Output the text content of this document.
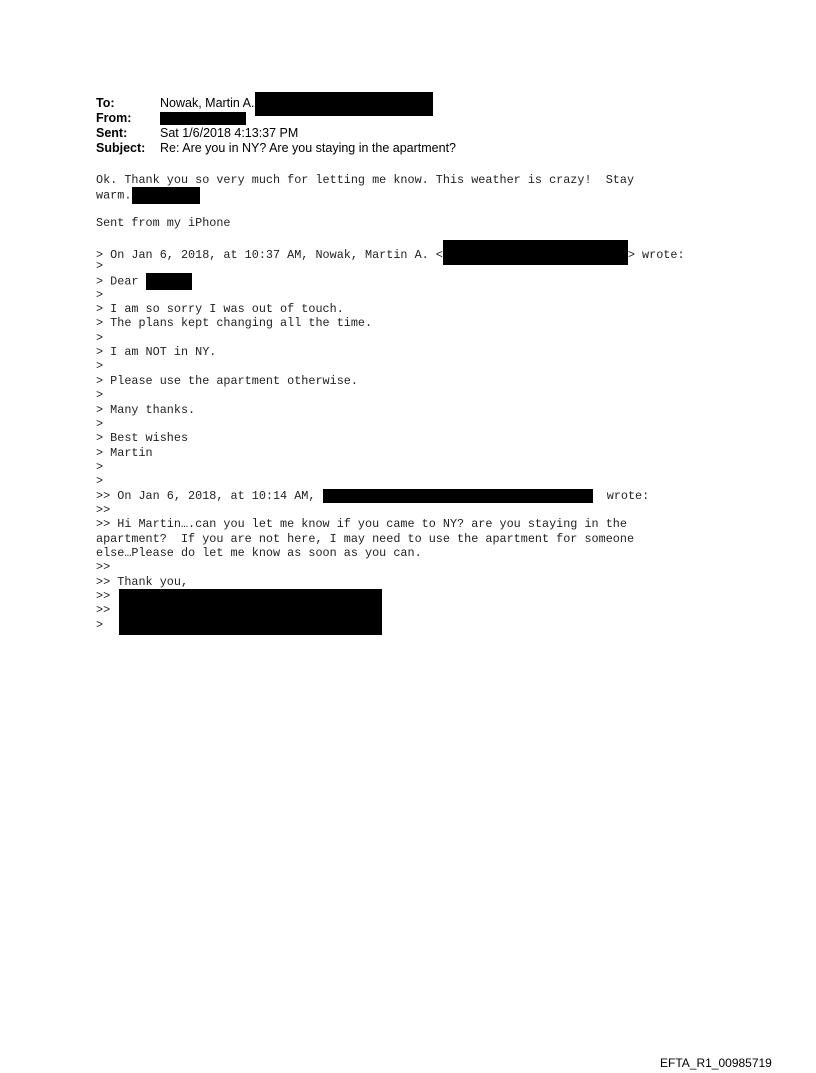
To:	Nowak, Martin A.
From:
Sent:	Sat 1/6/2018 4:13:37 PM
Subject:	Re: Are you in NY? Are you staying in the apartment?
Ok. Thank you so very much for letting me know. This weather is crazy!  Stay
warm.
Sent from my iPhone
> On Jan 6, 2018, at 10:37 AM, Nowak, Martin A. <	> wrote:
>
> Dear
>
> I am so sorry I was out of touch.
> The plans kept changing all the time.
>
> I am NOT in NY.
>
> Please use the apartment otherwise.
>
> Many thanks.
>
> Best wishes
> Martin
>
>
>> On Jan 6, 2018, at 10:14 AM,	wrote:
>>
>> Hi Martin….can you let me know if you came to NY? are you staying in the
apartment?  If you are not here, I may need to use the apartment for someone
else…Please do let me know as soon as you can.
>>
>> Thank you,
>>
>>
>
EFTA_R1_00985719
